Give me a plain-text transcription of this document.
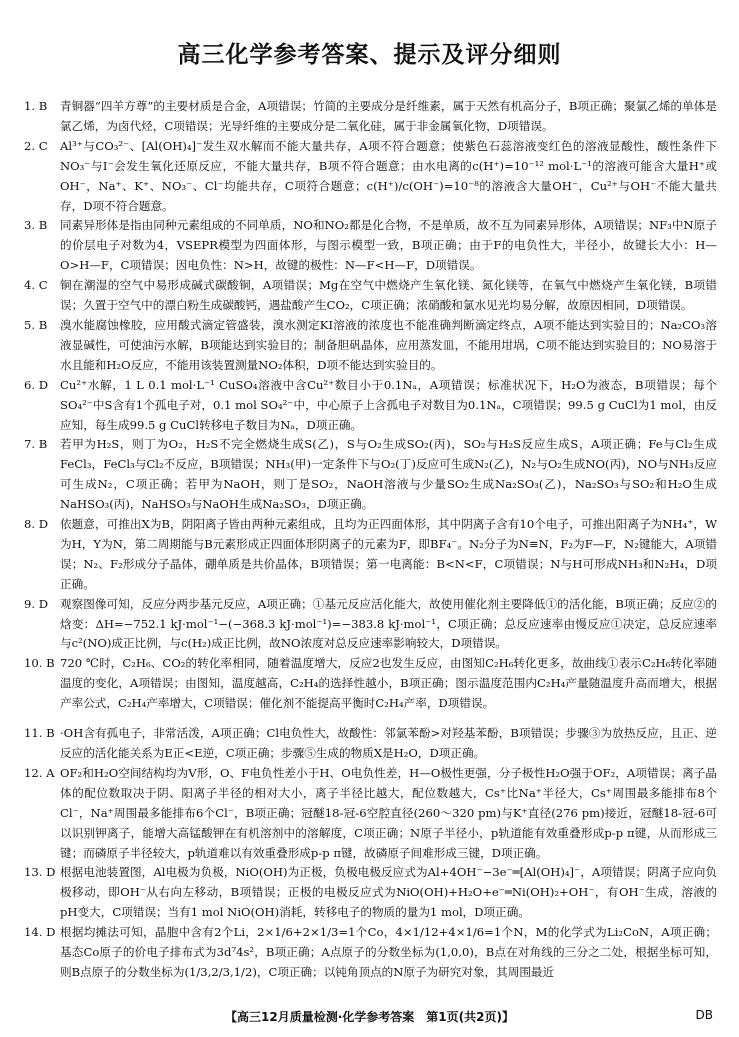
高三化学参考答案、提示及评分细则
1. B	青铜器“四羊方尊”的主要材质是合金，A项错误；竹简的主要成分是纤维素，属于天然有机高分子，B项正确；聚氯乙烯的单体是氯乙烯，为卤代烃，C项错误；光导纤维的主要成分是二氧化硅，属于非金属氧化物，D项错误。
2. C	Al³⁺与CO₃²⁻、[Al(OH)₄]⁻发生双水解而不能大量共存，A项不符合题意；使紫色石蕊溶液变红色的溶液显酸性，酸性条件下NO₃⁻与I⁻会发生氧化还原反应，不能大量共存，B项不符合题意；由水电离的c(H⁺)=10⁻¹² mol·L⁻¹的溶液可能含大量H⁺或OH⁻，Na⁺、K⁺、NO₃⁻、Cl⁻均能共存，C项符合题意；c(H⁺)/c(OH⁻)=10⁻⁸的溶液含大量OH⁻，Cu²⁺与OH⁻不能大量共存，D项不符合题意。
3. B	同素异形体是指由同种元素组成的不同单质，NO和NO₂都是化合物，不是单质，故不互为同素异形体，A项错误；NF₃中N原子的价层电子对数为4，VSEPR模型为四面体形，与图示模型一致，B项正确；由于F的电负性大，半径小，故键长大小：H—O>H—F，C项错误；因电负性：N>H，故键的极性：N—F<H—F，D项错误。
4. C	铜在潮湿的空气中易形成碱式碳酸铜，A项错误；Mg在空气中燃烧产生氧化镁、氮化镁等，在氧气中燃烧产生氧化镁，B项错误；久置于空气中的漂白粉生成碳酸钙，遇盐酸产生CO₂，C项正确；浓硝酸和氯水见光均易分解，故原因相同，D项错误。
5. B	溴水能腐蚀橡胶，应用酸式滴定管盛装，溴水测定KI溶液的浓度也不能准确判断滴定终点，A项不能达到实验目的；Na₂CO₃溶液显碱性，可使油污水解，B项能达到实验目的；制备胆矾晶体，应用蒸发皿，不能用坩埚，C项不能达到实验目的；NO易溶于水且能和H₂O反应，不能用该装置测量NO₂体积，D项不能达到实验目的。
6. D	Cu²⁺水解，1 L 0.1 mol·L⁻¹ CuSO₄溶液中含Cu²⁺数目小于0.1Nₐ，A项错误；标准状况下，H₂O为液态，B项错误；每个SO₄²⁻中S含有1个孤电子对，0.1 mol SO₄²⁻中，中心原子上含孤电子对数目为0.1Nₐ，C项错误；99.5 g CuCl为1 mol，由反应知，每生成99.5 g CuCl转移电子数目为Nₐ，D项正确。
7. B	若甲为H₂S，则丁为O₂，H₂S不完全燃烧生成S(乙)，S与O₂生成SO₂(丙)，SO₂与H₂S反应生成S，A项正确；Fe与Cl₂生成FeCl₃，FeCl₃与Cl₂不反应，B项错误；NH₃(甲)一定条件下与O₂(丁)反应可生成N₂(乙)，N₂与O₂生成NO(丙)，NO与NH₃反应可生成N₂，C项正确；若甲为NaOH，则丁是SO₂，NaOH溶液与少量SO₂生成Na₂SO₃(乙)，Na₂SO₃与SO₂和H₂O生成NaHSO₃(丙)，NaHSO₃与NaOH生成Na₂SO₃，D项正确。
8. D	依题意，可推出X为B，阴阳离子皆由两种元素组成，且均为正四面体形，其中阴离子含有10个电子，可推出阳离子为NH₄⁺，W为H，Y为N，第二周期能与B元素形成正四面体形阴离子的元素为F，即BF₄⁻。N₂分子为N≡N，F₂为F—F，N₂键能大，A项错误；N₂、F₂形成分子晶体，硼单质是共价晶体，B项错误；第一电离能：B<N<F，C项错误；N与H可形成NH₃和N₂H₄，D项正确。
9. D	观察图像可知，反应分两步基元反应，A项正确；①基元反应活化能大，故使用催化剂主要降低①的活化能，B项正确；反应②的焓变：ΔH=−752.1 kJ·mol⁻¹−(−368.3 kJ·mol⁻¹)=−383.8 kJ·mol⁻¹，C项正确；总反应速率由慢反应①决定，总反应速率与c²(NO)成正比例，与c(H₂)成正比例，故NO浓度对总反应速率影响较大，D项错误。
10. B 720 ℃时，C₂H₆、CO₂的转化率相同，随着温度增大，反应2也发生反应，由图知C₂H₆转化更多，故曲线①表示C₂H₆转化率随温度的变化，A项错误；由图知，温度越高，C₂H₄的选择性越小，B项正确；图示温度范围内C₂H₄产量随温度升高而增大，根据产率公式，C₂H₄产率增大，C项错误；催化剂不能提高平衡时C₂H₄产率，D项错误。
11. B ·OH含有孤电子，非常活泼，A项正确；Cl电负性大，故酸性：邻氯苯酚>对羟基苯酚，B项错误；步骤③为放热反应，且正、逆反应的活化能关系为E正<E逆，C项正确；步骤⑤生成的物质X是H₂O，D项正确。
12. A OF₂和H₂O空间结构均为V形，O、F电负性差小于H、O电负性差，H—O极性更强，分子极性H₂O强于OF₂，A项错误；离子晶体的配位数取决于阴、阳离子半径的相对大小，离子半径比越大，配位数越大，Cs⁺比Na⁺半径大，Cs⁺周围最多能排布8个Cl⁻，Na⁺周围最多能排布6个Cl⁻，B项正确；冠醚18-冠-6空腔直径(260～320 pm)与K⁺直径(276 pm)接近，冠醚18-冠-6可以识别钾离子，能增大高锰酸钾在有机溶剂中的溶解度，C项正确；N原子半径小，p轨道能有效重叠形成p-p π键，从而形成三键；而磷原子半径较大，p轨道难以有效重叠形成p-p π键，故磷原子间难形成三键，D项正确。
13. D 根据电池装置图，Al电极为负极，NiO(OH)为正极，负极电极反应式为Al+4OH⁻−3e⁻═[Al(OH)₄]⁻，A项错误；阴离子应向负极移动，即OH⁻从右向左移动，B项错误；正极的电极反应式为NiO(OH)+H₂O+e⁻═Ni(OH)₂+OH⁻，有OH⁻生成，溶液的pH变大，C项错误；当有1 mol NiO(OH)消耗，转移电子的物质的量为1 mol，D项正确。
14. D 根据均摊法可知，晶胞中含有2个Li，2×1/6+2×1/3=1个Co，4×1/12+4×1/6=1个N，M的化学式为Li₂CoN，A项正确；基态Co原子的价电子排布式为3d⁷4s²，B项正确；A点原子的分数坐标为(1,0,0)，B点在对角线的三分之二处，根据坐标可知，则B点原子的分数坐标为(1/3,2/3,1/2)，C项正确；以钝角顶点的N原子为研究对象，其周围最近
【高三12月质量检测·化学参考答案　第1页(共2页)】	DB
